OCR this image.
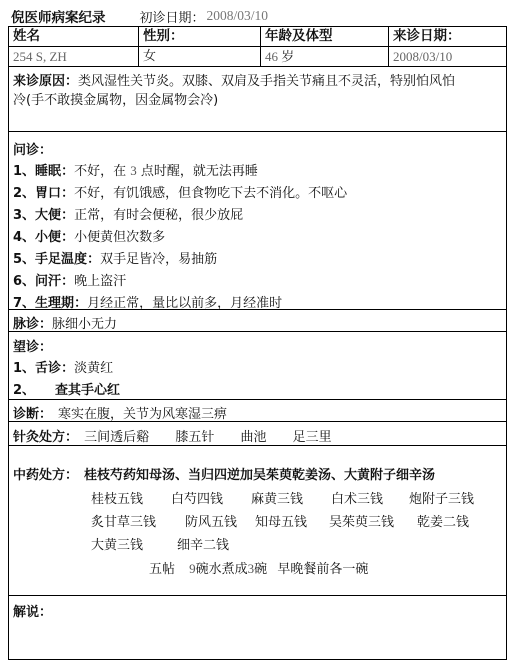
倪医师病案纪录	初诊日期： 2008/03/10
姓名	性别：	年龄及体型	来诊日期：
254 S, ZH	女	46 岁	2008/03/10
来诊原因：类风湿性关节炎。双膝、双肩及手指关节痛且不灵活，特别怕风怕
冷(手不敢摸金属物，因金属物会冷)
问诊：
1、睡眠：不好，在 3 点时醒，就无法再睡
2、胃口：不好，有饥饿感，但食物吃下去不消化。不呕心
3、大便：正常，有时会便秘，很少放屁
4、小便：小便黄但次数多
5、手足温度：双手足皆冷，易抽筋
6、问汗：晚上盗汗
7、生理期：月经正常，量比以前多，月经准时
脉诊：脉细小无力
望诊：
1、舌诊：淡黄红
2、 查其手心红
诊断： 寒实在腹，关节为风寒湿三痹
针灸处方： 三间透后谿 膝五针 曲池 足三里
中药处方： 桂枝芍药知母汤、当归四逆加吴茱萸乾姜汤、大黄附子细辛汤
桂枝五钱 白芍四钱 麻黄三钱 白术三钱 炮附子三钱
炙甘草三钱 防风五钱 知母五钱 吴茱萸三钱 乾姜二钱
大黄三钱	细辛二钱
五帖 9碗水煮成3碗 早晚餐前各一碗
解说：
